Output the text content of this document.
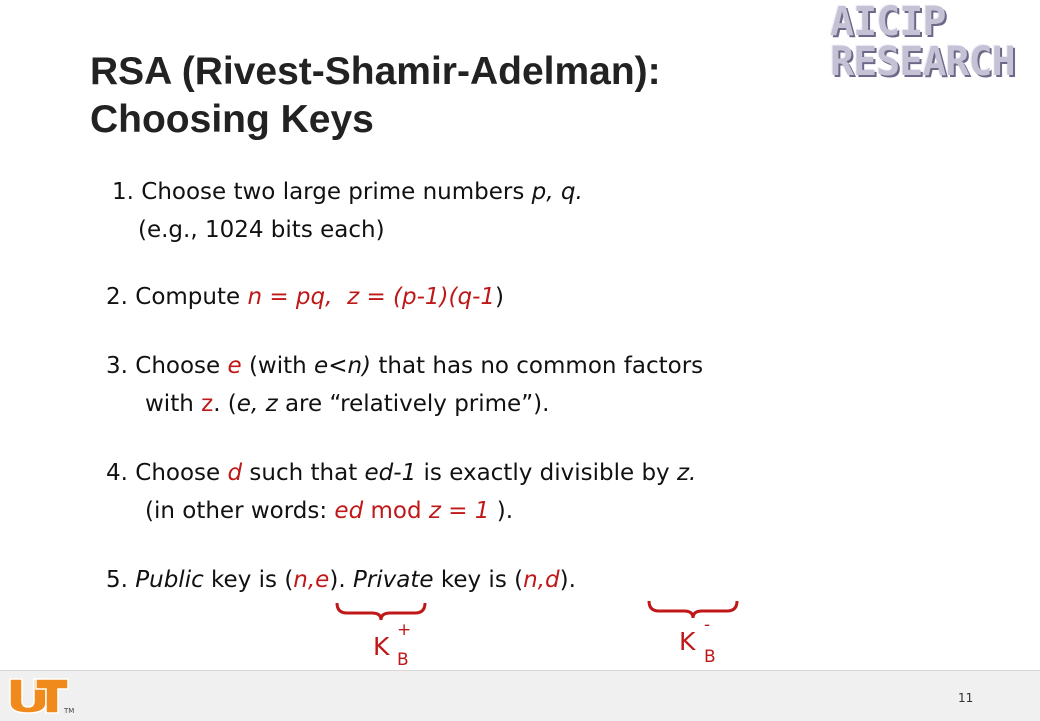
RSA (Rivest-Shamir-Adelman):
Choosing Keys
AICIP
RESEARCH
1. Choose two large prime numbers p, q.
(e.g., 1024 bits each)
2. Compute n = pq, z = (p-1)(q-1)
3. Choose e (with e<n) that has no common factors
with z. (e, z are “relatively prime”).
4. Choose d such that ed-1 is exactly divisible by z.
(in other words: ed mod z = 1 ).
5. Public key is (n,e). Private key is (n,d).
K
+
B
K
-
B
TM
11
